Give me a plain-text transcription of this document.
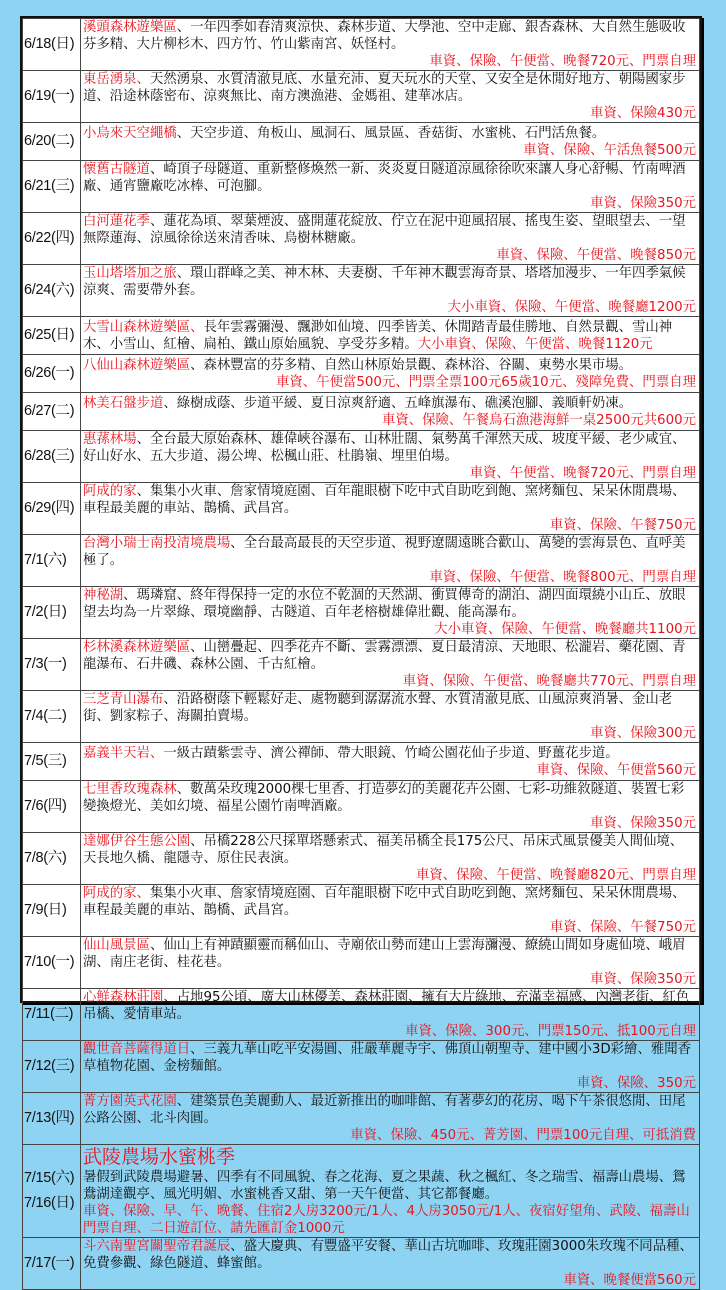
6/18(日)	溪頭森林遊樂區、一年四季如春清爽涼快、森林步道、大學池、空中走廊、銀杏森林、大自然生態吸收芬多精、大片柳杉木、四方竹、竹山紫南宮、妖怪村。
車資、保險、午便當、晚餐720元、門票自理

6/19(一)	東岳湧泉、天然湧泉、水質清澈見底、水量充沛、夏天玩水的天堂、又安全是休閒好地方、朝陽國家步道、沿途林蔭密布、涼爽無比、南方澳漁港、金媽祖、建華冰店。
車資、保險430元

6/20(二)	小烏來天空繩橋、天空步道、角板山、風洞石、風景區、香菇街、水蜜桃、石門活魚餐。
車資、保險、午活魚餐500元

6/21(三)	懷舊古隧道、崎頂子母隧道、重新整修煥然一新、炎炎夏日隧道涼風徐徐吹來讓人身心舒暢、竹南啤酒廠、通宵鹽廠吃冰棒、可泡腳。
車資、保險350元

6/22(四)	白河蓮花季、蓮花為頃、翠葉煙波、盛開蓮花綻放、佇立在泥中迎風招展、搖曳生姿、望眼望去、一望無際蓮海、涼風徐徐送來清香味、烏樹林糖廠。
車資、保險、午便當、晚餐850元

6/24(六)	玉山塔塔加之旅、環山群峰之美、神木林、夫妻樹、千年神木觀雲海奇景、塔塔加漫步、一年四季氣候涼爽、需要帶外套。
大小車資、保險、午便當、晚餐廳1200元

6/25(日)	大雪山森林遊樂區、長年雲霧彌漫、飄渺如仙境、四季皆美、休閒踏青最佳勝地、自然景觀、雪山神木、小雪山、紅檜、扁柏、鐵山原始風貌、享受芬多精。大小車資、保險、午便當、晚餐1120元
6/26(一)	八仙山森林遊樂區、森林豐富的芬多精、自然山林原始景觀、森林浴、谷關、東勢水果市場。
車資、午便當500元、門票全票100元65歲10元、殘障免費、門票自理

6/27(二)	林美石盤步道、綠樹成蔭、步道平緩、夏日涼爽舒適、五峰旗瀑布、礁溪泡腳、義順軒奶凍。
車資、保險、午餐烏石漁港海鮮一桌2500元共600元

6/28(三)	惠蓀林場、全台最大原始森林、雄偉峽谷瀑布、山林壯闊、氣勢萬千渾然天成、坡度平緩、老少咸宜、好山好水、五大步道、湯公埤、松楓山莊、杜鵑嶺、埋里伯場。
車資、午便當、晚餐720元、門票自理

6/29(四)	阿成的家、集集小火車、詹家情境庭園、百年龍眼樹下吃中式自助吃到飽、窯烤麵包、呆呆休閒農場、車程最美麗的車站、鵲橋、武昌宮。
車資、保險、午餐750元

7/1(六)	台灣小瑞士南投清境農場、全台最高最長的天空步道、視野遼闊遠眺合歡山、萬變的雲海景色、直呼美極了。
車資、保險、午便當、晚餐800元、門票自理

7/2(日)	神秘湖、瑪璘窟、終年得保持一定的水位不乾涸的天然湖、衝買傳奇的湖泊、湖四面環繞小山丘、放眼望去均為一片翠綠、環境幽靜、古隧道、百年老榕樹雄偉壯觀、能高瀑布。
大小車資、保險、午便當、晚餐廳共1100元

7/3(一)	杉林溪森林遊樂區、山巒疊起、四季花卉不斷、雲霧漂漂、夏日最清涼、天地眼、松瀧岩、藥花園、青龍瀑布、石井磯、森林公園、千古紅檜。
車資、保險、午便當、晚餐廳共770元、門票自理

7/4(二)	三芝青山瀑布、沿路樹蔭下輕鬆好走、處物聽到潺潺流水聲、水質清澈見底、山風涼爽消暑、金山老街、劉家粽子、海關拍賣場。
車資、保險300元

7/5(三)	嘉義半天岩、一級古蹟紫雲寺、濟公禪師、帶大眼鏡、竹崎公園花仙子步道、野薑花步道。
車資、保險、午便當560元

7/6(四)	七里香玫瑰森林、數萬朵玫瑰2000棵七里香、打造夢幻的美麗花卉公園、七彩-功維敘隧道、裝置七彩變換燈光、美如幻境、福星公園竹南啤酒廠。
車資、保險350元

7/8(六)	達娜伊谷生態公園、吊橋228公尺採單塔懸索式、福美吊橋全長175公尺、吊床式風景優美人間仙境、天長地久橋、龍隱寺、原住民表演。
車資、保險、午便當、晚餐廳820元、門票自理

7/9(日)	阿成的家、集集小火車、詹家情境庭園、百年龍眼樹下吃中式自助吃到飽、窯烤麵包、呆呆休閒農場、車程最美麗的車站、鵲橋、武昌宮。
車資、保險、午餐750元

7/10(一)	仙山風景區、仙山上有神蹟顯靈而稱仙山、寺廟依山勢而建山上雲海瀰漫、繚繞山間如身處仙境、峨眉湖、南庄老街、桂花巷。
車資、保險350元

7/11(二)	心鮮森林莊園、占地95公頃、廣大山林優美、森林莊園、擁有大片綠地、充滿幸福感、內灣老街、紅色吊橋、愛情車站。
車資、保險、300元、門票150元、抵100元自理

7/12(三)	觀世音菩薩得道日、三義九華山吃平安湯圓、莊嚴華麗寺宇、佛頂山朝聖寺、建中國小3D彩繪、雅聞香草植物花園、金榜麵館。
車資、保險、350元

7/13(四)	菁方園英式花園、建築景色美麗動人、最近新推出的咖啡館、有著夢幻的花房、喝下午茶很悠閒、田尾公路公園、北斗肉圓。
車資、保險、450元、菁芳園、門票100元自理、可抵消費

7/15(六)
7/16(日)

武陵農場水蜜桃季
暑假到武陵農場避暑、四季有不同風貌、春之花海、夏之果蔬、秋之楓紅、冬之瑞雪、福壽山農場、鴛鴦湖達觀亭、風光明媚、水蜜桃香又甜、第一天午便當、其它都餐廳。
車資、保險、早、午、晚餐、住宿2人房3200元/1人、4人房3050元/1人、夜宿好望角、武陵、福壽山門票自理、二日遊訂位、請先匯訂金1000元

7/17(一)	斗六南聖宮關聖帝君誕辰、盛大慶典、有豐盛平安餐、華山古坑咖啡、玫瑰莊園3000朱玫瑰不同品種、免費參觀、綠色隧道、蜂蜜館。
車資、晚餐便當560元
